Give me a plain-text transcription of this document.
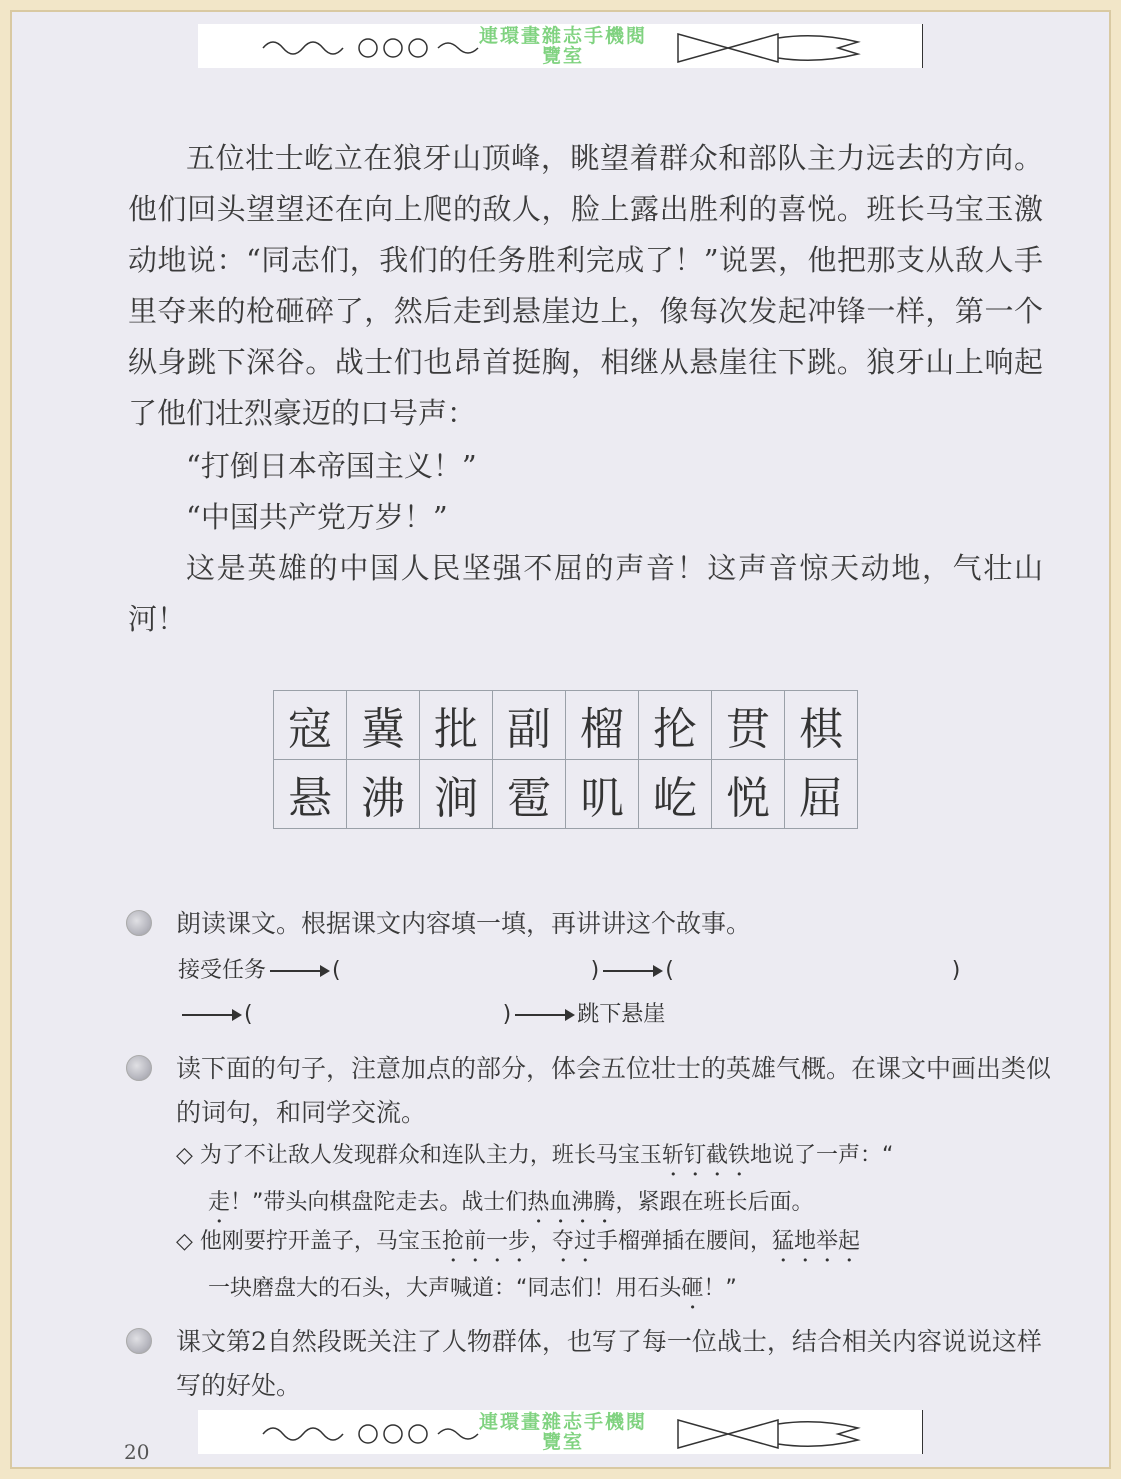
連環畫雜志手機閱
覽室

五位壮士屹立在狼牙山顶峰，眺望着群众和部队主力远去的方向。他们回头望望还在向上爬的敌人，脸上露出胜利的喜悦。班长马宝玉激动地说：“同志们，我们的任务胜利完成了！”说罢，他把那支从敌人手里夺来的枪砸碎了，然后走到悬崖边上，像每次发起冲锋一样，第一个纵身跳下深谷。战士们也昂首挺胸，相继从悬崖往下跳。狼牙山上响起了他们壮烈豪迈的口号声：

“打倒日本帝国主义！”

“中国共产党万岁！”

这是英雄的中国人民坚强不屈的声音！这声音惊天动地，气壮山河！

寇	冀	批	副	榴	抡	贯	棋
悬	沸	涧	雹	叽	屹	悦	屈

朗读课文。根据课文内容填一填，再讲讲这个故事。

接受任务	(	)	(	)
(	)	跳下悬崖

读下面的句子，注意加点的部分，体会五位壮士的英雄气概。在课文中画出类似的词句，和同学交流。

◇ 为了不让敌人发现群众和连队主力，班长马宝玉斩钉截铁地说了一声：“
走！”带头向棋盘陀走去。战士们热血沸腾，紧跟在班长后面。
◇ 他刚要拧开盖子，马宝玉抢前一步，夺过手榴弹插在腰间，猛地举起
一块磨盘大的石头，大声喊道：“同志们！用石头砸！”

课文第2自然段既关注了人物群体，也写了每一位战士，结合相关内容说说这样写的好处。

連環畫雜志手機閱
覽室
20
